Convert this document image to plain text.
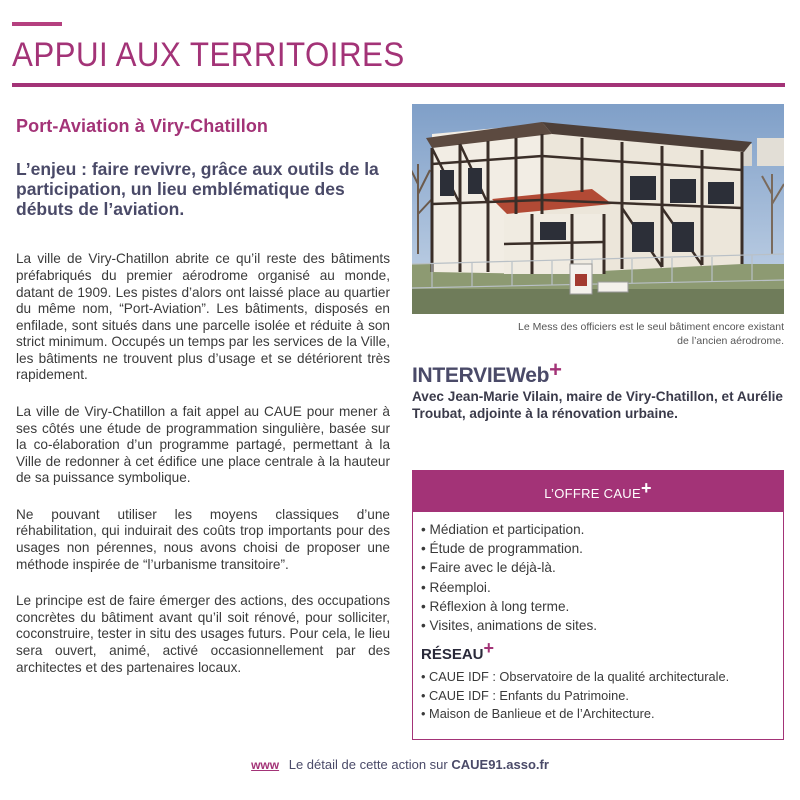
APPUI AUX TERRITOIRES
Port-Aviation à Viry-Chatillon

L’enjeu : faire revivre, grâce aux outils de la participation, un lieu emblématique des débuts de l’aviation.

La ville de Viry-Chatillon abrite ce qu’il reste des bâtiments préfabriqués du premier aérodrome organisé au monde, datant de 1909. Les pistes d’alors ont laissé place au quartier du même nom, “Port-Aviation”. Les bâtiments, disposés en enfilade, sont situés dans une parcelle isolée et réduite à son strict minimum. Occupés un temps par les services de la Ville, les bâtiments ne trouvent plus d’usage et se détériorent très rapidement.

La ville de Viry-Chatillon a fait appel au CAUE pour mener à ses côtés une étude de programmation singulière, basée sur la co-élaboration d’un programme partagé, permettant à la Ville de redonner à cet édifice une place centrale à la hauteur de sa puissance symbolique.

Ne pouvant utiliser les moyens classiques d’une réhabilitation, qui induirait des coûts trop importants pour des usages non pérennes, nous avons choisi de proposer une méthode inspirée de “l’urbanisme transitoire”.

Le principe est de faire émerger des actions, des occupations concrètes du bâtiment avant qu’il soit rénové, pour solliciter, coconstruire, tester in situ des usages futurs. Pour cela, le lieu sera ouvert, animé, activé occasionnellement par des architectes et des partenaires locaux.

Le Mess des officiers est le seul bâtiment encore existant
de l’ancien aérodrome.
INTERVIEWeb+

Avec Jean-Marie Vilain, maire de Viry-Chatillon, et Aurélie Troubat, adjointe à la rénovation urbaine.

L’OFFRE CAUE+
• Médiation et participation.
• Étude de programmation.
• Faire avec le déjà-là.
• Réemploi.
• Réflexion à long terme.
• Visites, animations de sites.
RÉSEAU+
• CAUE IDF : Observatoire de la qualité architecturale.
• CAUE IDF : Enfants du Patrimoine.
• Maison de Banlieue et de l’Architecture.
www Le détail de cette action sur CAUE91.asso.fr
